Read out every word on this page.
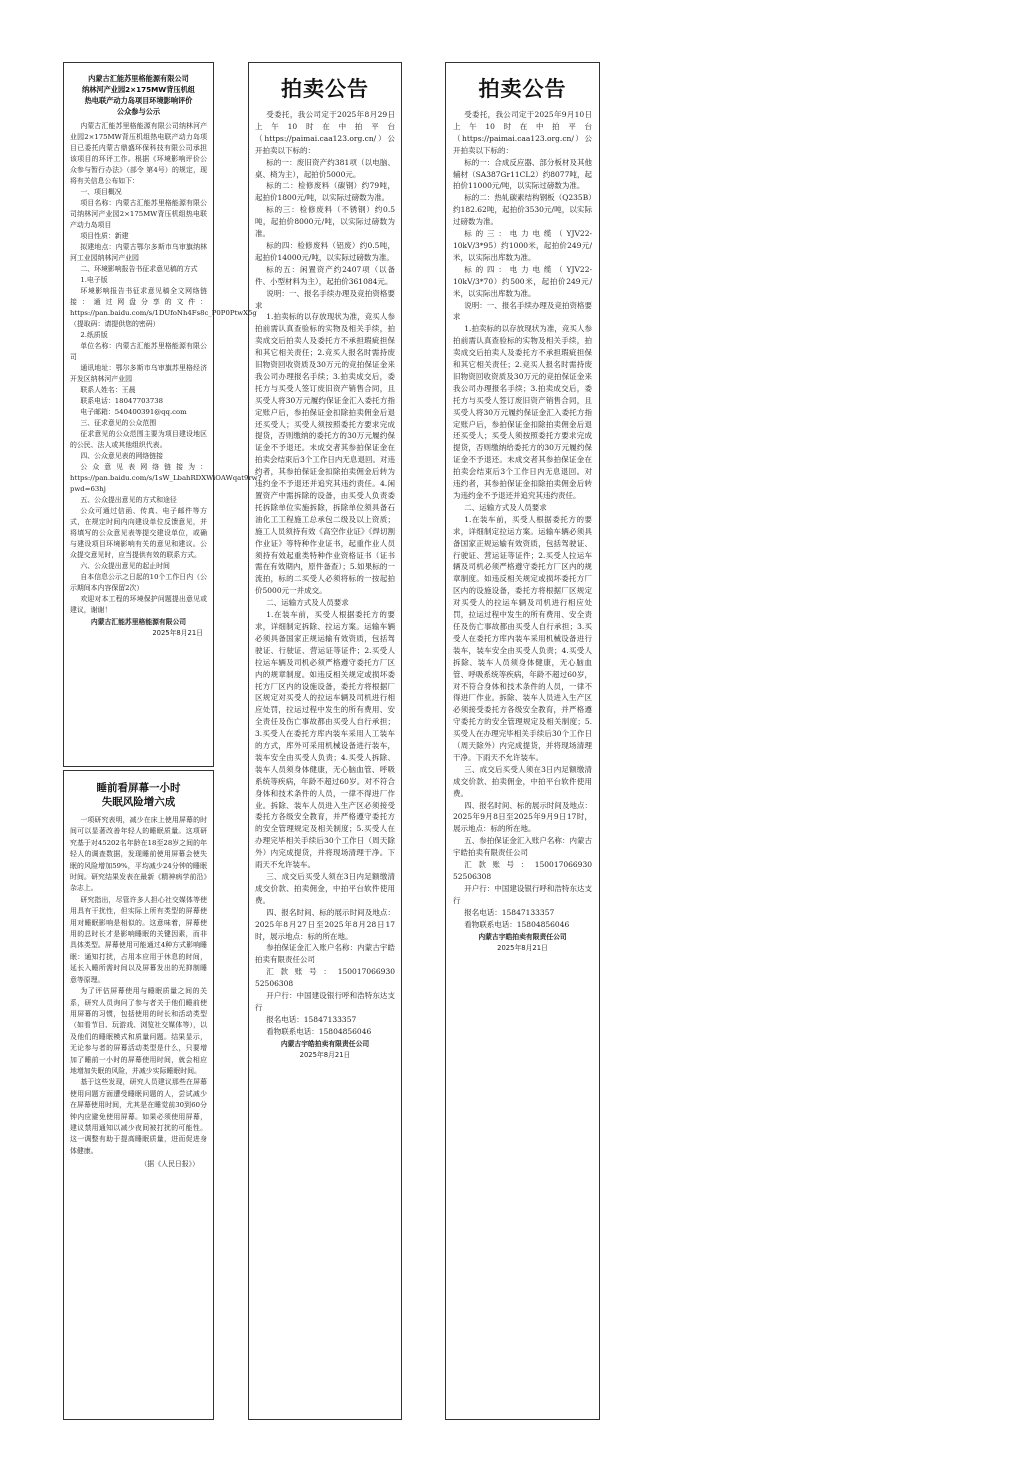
内蒙古汇能苏里格能源有限公司
纳林河产业园2×175MW背压机组
热电联产动力岛项目环境影响评价
公众参与公示

内蒙古汇能苏里格能源有限公司纳林河产业园2×175MW背压机组热电联产动力岛项目已委托内蒙古鼎盛环保科技有限公司承担该项目的环评工作。根据《环境影响评价公众参与暂行办法》（部令 第4号）的规定，现将有关信息公布如下：

一、项目概况

项目名称：内蒙古汇能苏里格能源有限公司纳林河产业园2×175MW背压机组热电联产动力岛项目

项目性质：新建

拟建地点：内蒙古鄂尔多斯市乌审旗纳林河工业园纳林河产业园

二、环境影响报告书征求意见稿的方式

1.电子版

环境影响报告书征求意见稿全文网络链接：通过网盘分享的文件：https://pan.baidu.com/s/1DUfoNh4Fs8c_P0P0PtwX5g（提取码：请提供您的密码）

2.纸质版

单位名称：内蒙古汇能苏里格能源有限公司

通讯地址：鄂尔多斯市乌审旗苏里格经济开发区纳林河产业园

联系人姓名：王晨

联系电话：18047703738

电子邮箱：540400391@qq.com

三、征求意见的公众范围

征求意见的公众范围主要为项目建设地区的公民、法人或其他组织代表。

四、公众意见表的网络链接

公众意见表网络链接为：https://pan.baidu.com/s/1sW_LbahRDXWiOAWqat9rw?pwd=63hj

五、公众提出意见的方式和途径

公众可通过信函、传真、电子邮件等方式，在规定时间内向建设单位反馈意见，并将填写的公众意见表等提交建设单位，或确与建设项目环境影响有关的意见和建议。公众提交意见时，应当提供有效的联系方式。

六、公众提出意见的起止时间

自本信息公示之日起的10个工作日内（公示期间本内容保留2次）

欢迎对本工程的环境保护问题提出意见或建议，谢谢！

内蒙古汇能苏里格能源有限公司
2025年8月21日
睡前看屏幕一小时
失眠风险增六成

一项研究表明，减少在床上使用屏幕的时间可以显著改善年轻人的睡眠质量。这项研究基于对45202名年龄在18至28岁之间的年轻人的调查数据，发现睡前使用屏幕会使失眠的风险增加59%，平均减少24分钟的睡眠时间。研究结果发表在最新《精神病学前沿》杂志上。

研究指出，尽管许多人担心社交媒体等使用具有干扰性，但实际上所有类型的屏幕使用对睡眠影响是相似的。这意味着，屏幕使用的总时长才是影响睡眠的关键因素，而非具体类型。屏幕使用可能通过4种方式影响睡眠：通知打扰，占用本应用于休息的时间，延长入睡所需时间以及屏幕发出的光抑制睡意等原理。

为了评估屏幕使用与睡眠质量之间的关系，研究人员询问了参与者关于他们睡前使用屏幕的习惯，包括使用的时长和活动类型（如看节目、玩游戏、浏览社交媒体等），以及他们的睡眠模式和质量问题。结果显示，无论参与者的屏幕活动类型是什么，只要增加了睡前一小时的屏幕使用时间，就会相应地增加失眠的风险，并减少实际睡眠时间。

基于这些发现，研究人员建议那些在屏幕使用问题方面遭受睡眠问题的人，尝试减少在屏幕使用时间，尤其是在睡觉前30到60分钟内应避免使用屏幕。如果必须使用屏幕，建议禁用通知以减少夜间被打扰的可能性。这一调整有助于提高睡眠质量，进而促进身体健康。

（据《人民日报》）
拍卖公告

受委托，我公司定于2025年8月29日上午10时在中拍平台（https://paimai.caa123.org.cn/）公开拍卖以下标的：

标的一：废旧资产约381项（以电脑、桌、椅为主），起拍价5000元。

标的二：检修废料（碳钢）约79吨，起拍价1800元/吨，以实际过磅数为准。

标的三：检修废料（不锈钢）约0.5吨，起拍价8000元/吨，以实际过磅数为准。

标的四：检修废料（铝废）约0.5吨，起拍价14000元/吨，以实际过磅数为准。

标的五：闲置资产约2407项（以备件、小型材料为主），起拍价361084元。

说明：一、报名手续办理及竞拍资格要求

1.拍卖标的以存放现状为准，竞买人参拍前需认真查验标的实物及相关手续，拍卖成交后拍卖人及委托方不承担瑕疵担保和其它相关责任；2.竞买人报名时需持废旧物资回收资质及30万元的竞拍保证金来我公司办理报名手续；3.拍卖成交后，委托方与买受人签订废旧资产销售合同，且买受人将30万元履约保证金汇入委托方指定账户后，参拍保证金扣除拍卖佣金后退还买受人；买受人须按照委托方要求完成提货，否则缴纳的委托方的30万元履约保证金不予退还。未成交者其参拍保证金在拍卖会结束后3个工作日内无息退回。对违约者，其参拍保证金扣除拍卖佣金后转为违约金不予退还并追究其违约责任。4.闲置资产中需拆除的设备，由买受人负责委托拆除单位实施拆除，拆除单位须具备石油化工工程施工总承包二级及以上资质；施工人员须持有效《高空作业证》《焊切割作业证》等特种作业证书，起重作业人员须持有效起重类特种作业资格证书（证书需在有效期内，原件备查）；5.如果标的一流拍，标的二买受人必须将标的一按起拍价5000元一并成交。

二、运输方式及人员要求

1.在装车前，买受人根据委托方的要求，详细制定拆除、拉运方案。运输车辆必须具备国家正规运输有效资质，包括驾驶证、行驶证、营运证等证件；2.买受人拉运车辆及司机必须严格遵守委托方厂区内的规章制度。如违反相关规定或损坏委托方厂区内的设施设备，委托方将根据厂区规定对买受人的拉运车辆及司机进行相应处罚，拉运过程中发生的所有费用、安全责任及伤亡事故都由买受人自行承担；3.买受人在委托方库内装车采用人工装车的方式，库外可采用机械设备进行装车，装车安全由买受人负责；4.买受人拆除、装车人员须身体健康，无心脑血管、呼吸系统等疾病，年龄不超过60岁。对不符合身体和技术条件的人员，一律不得进厂作业。拆除、装车人员进入生产区必须接受委托方各级安全教育，并严格遵守委托方的安全管理规定及相关制度；5.买受人在办理完毕相关手续后30个工作日（周天除外）内完成提货，并将现场清理干净。下雨天不允许装车。

三、成交后买受人须在3日内足额缴清成交价款、拍卖佣金，中拍平台软件使用费。

四、报名时间、标的展示时间及地点：2025年8月27日至2025年8月28日17时，展示地点：标的所在地。

参拍保证金汇入账户名称：内蒙古宇皓拍卖有限责任公司

汇款账号：150017066930 52506308

开户行：中国建设银行呼和浩特东达支行

报名电话：15847133357

看物联系电话：15804856046

内蒙古宇皓拍卖有限责任公司
2025年8月21日
拍卖公告

受委托，我公司定于2025年9月10日上午10时在中拍平台（https://paimai.caa123.org.cn/）公开拍卖以下标的：

标的一：合成反应器、部分板材及其他辅材（SA387Gr11CL2）约8077吨，起拍价11000元/吨，以实际过磅数为准。

标的二：热轧碳素结构钢板（Q235B）约182.62吨，起拍价3530元/吨，以实际过磅数为准。

标的三：电力电缆（YJV22-10kV/3*95）约1000米，起拍价249元/米，以实际出库数为准。

标的四：电力电缆（YJV22-10kV/3*70）约500米，起拍价249元/米，以实际出库数为准。

说明：一、报名手续办理及竞拍资格要求

1.拍卖标的以存放现状为准，竞买人参拍前需认真查验标的实物及相关手续，拍卖成交后拍卖人及委托方不承担瑕疵担保和其它相关责任；2.竞买人报名时需持废旧物资回收资质及30万元的竞拍保证金来我公司办理报名手续；3.拍卖成交后，委托方与买受人签订废旧资产销售合同，且买受人将30万元履约保证金汇入委托方指定账户后，参拍保证金扣除拍卖佣金后退还买受人；买受人须按照委托方要求完成提货，否则缴纳给委托方的30万元履约保证金不予退还。未成交者其参拍保证金在拍卖会结束后3个工作日内无息退回。对违约者，其参拍保证金扣除拍卖佣金后转为违约金不予退还并追究其违约责任。

二、运输方式及人员要求

1.在装车前，买受人根据委托方的要求，详细制定拉运方案。运输车辆必须具备国家正规运输有效资质，包括驾驶证、行驶证、营运证等证件；2.买受人拉运车辆及司机必须严格遵守委托方厂区内的规章制度。如违反相关规定或损坏委托方厂区内的设施设备，委托方将根据厂区规定对买受人的拉运车辆及司机进行相应处罚，拉运过程中发生的所有费用、安全责任及伤亡事故都由买受人自行承担；3.买受人在委托方库内装车采用机械设备进行装车，装车安全由买受人负责；4.买受人拆除、装车人员须身体健康，无心脑血管、呼吸系统等疾病，年龄不超过60岁，对不符合身体和技术条件的人员，一律不得进厂作业。拆除、装车人员进入生产区必须接受委托方各级安全教育，并严格遵守委托方的安全管理规定及相关制度；5.买受人在办理完毕相关手续后30个工作日（周天除外）内完成提货，并将现场清理干净。下雨天不允许装车。

三、成交后买受人须在3日内足额缴清成交价款、拍卖佣金，中拍平台软件使用费。

四、报名时间、标的展示时间及地点：2025年9月8日至2025年9月9日17时，展示地点：标的所在地。

五、参拍保证金汇入账户名称：内蒙古宇皓拍卖有限责任公司

汇款账号：150017066930 52506308

开户行：中国建设银行呼和浩特东达支行

报名电话：15847133357

看物联系电话：15804856046

内蒙古宇皓拍卖有限责任公司
2025年8月21日
